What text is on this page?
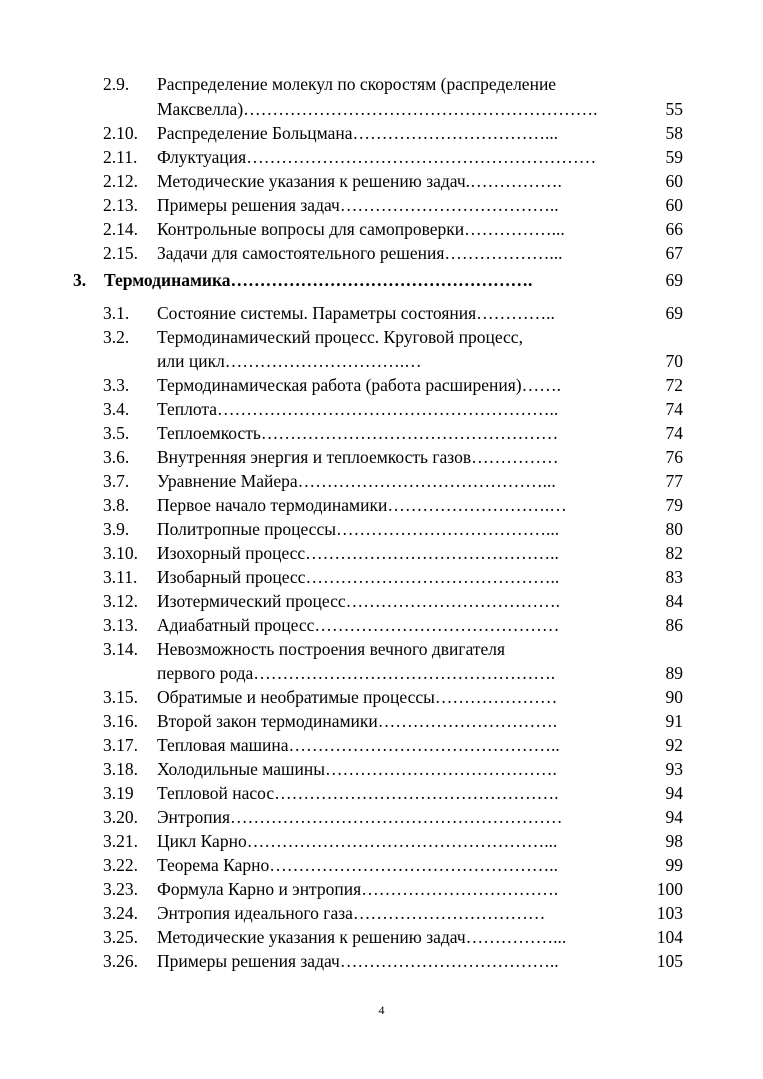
2.9. Распределение молекул по скоростям (распределение
Максвелла)…………………………………………………….	55
2.10. Распределение Больцмана……………………………...	58
2.11. Флуктуация……………………………………………………	59
2.12. Методические указания к решению задач.…………….	60
2.13. Примеры решения задач………………………………..	60
2.14. Контрольные вопросы для самопроверки……………...	66
2.15. Задачи для самостоятельного решения………………...	67
3. Термодинамика…………………………………………….	69
3.1. Состояние системы. Параметры состояния…………..	69
3.2. Термодинамический процесс. Круговой процесс,
или цикл………………………….…	70
3.3. Термодинамическая работа (работа расширения)…….	72
3.4. Теплота…………………………………………………..	74
3.5. Теплоемкость……………………………………………	74
3.6. Внутренняя энергия и теплоемкость газов……………	76
3.7. Уравнение Майера……………………………………...	77
3.8. Первое начало термодинамики……………………….…	79
3.9. Политропные процессы………………………………...	80
3.10. Изохорный процесс……………………………………..	82
3.11. Изобарный процесс……………………………………..	83
3.12. Изотермический процесс……………………………….	84
3.13. Адиабатный процесс……………………………………	86
3.14. Невозможность построения вечного двигателя
первого рода…………………………………………….	89
3.15. Обратимые и необратимые процессы…………………	90
3.16. Второй закон термодинамики………………………….	91
3.17. Тепловая машина………………………………………..	92
3.18. Холодильные машины………………………………….	93
3.19 Тепловой насос………………………………………….	94
3.20. Энтропия…………………………………………………	94
3.21. Цикл Карно……………………………………………...	98
3.22. Теорема Карно…………………………………………..	99
3.23. Формула Карно и энтропия…………………………….	100
3.24. Энтропия идеального газа……………………………	103
3.25. Методические указания к решению задач……………...	104
3.26. Примеры решения задач………………………………..	105
4
